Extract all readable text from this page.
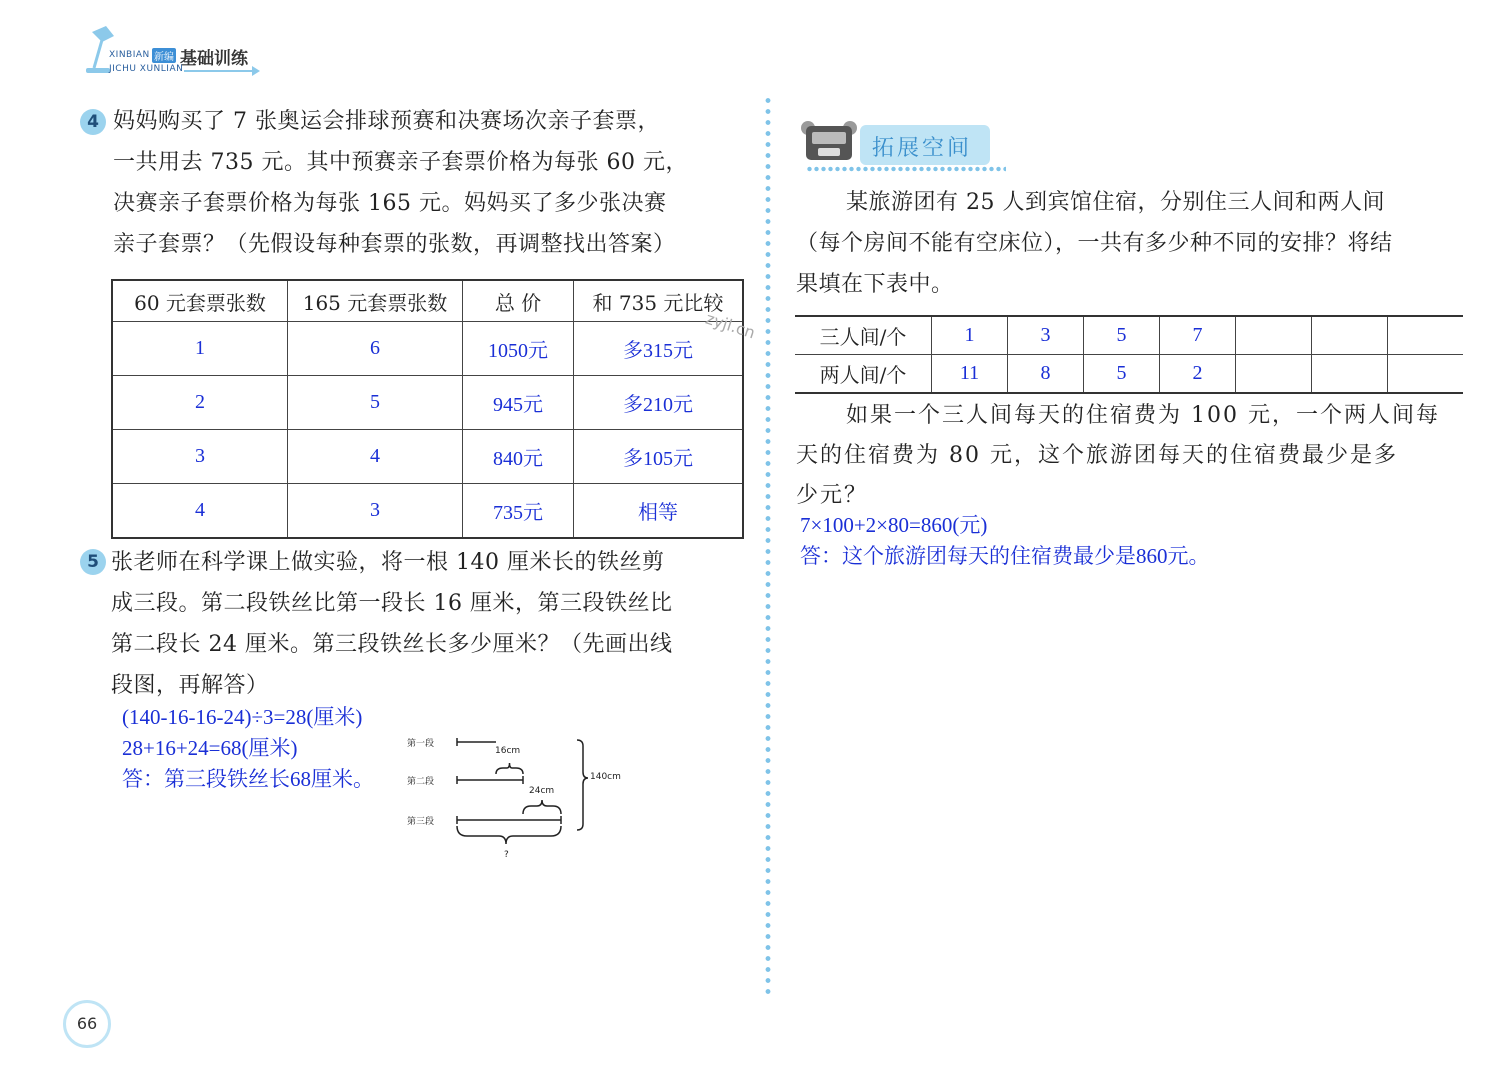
XINBIAN 新编 基础训练
JICHU XUNLIAN
4 妈妈购买了 7 张奥运会排球预赛和决赛场次亲子套票，
一共用去 735 元。其中预赛亲子套票价格为每张 60 元，
决赛亲子套票价格为每张 165 元。妈妈买了多少张决赛
亲子套票？（先假设每种套票的张数，再调整找出答案）
60 元套票张数	165 元套票张数	总 价	和 735 元比较
1	6	1050元	多315元
2	5	945元	多210元
3	4	840元	多105元
4	3	735元	相等
zyjl.cn
5 张老师在科学课上做实验，将一根 140 厘米长的铁丝剪
成三段。第二段铁丝比第一段长 16 厘米，第三段铁丝比
第二段长 24 厘米。第三段铁丝长多少厘米？（先画出线
段图，再解答）
(140-16-16-24)÷3=28(厘米)
28+16+24=68(厘米)
答：第三段铁丝长68厘米。
第一段
第二段
第三段
16cm
24cm
140cm
?
拓展空间
某旅游团有 25 人到宾馆住宿，分别住三人间和两人间
（每个房间不能有空床位），一共有多少种不同的安排？将结
果填在下表中。
三人间/个	1	3	5	7			
两人间/个	11	8	5	2			
如果一个三人间每天的住宿费为 100 元，一个两人间每
天的住宿费为 80 元，这个旅游团每天的住宿费最少是多
少元？
7×100+2×80=860(元)
答：这个旅游团每天的住宿费最少是860元。
66
